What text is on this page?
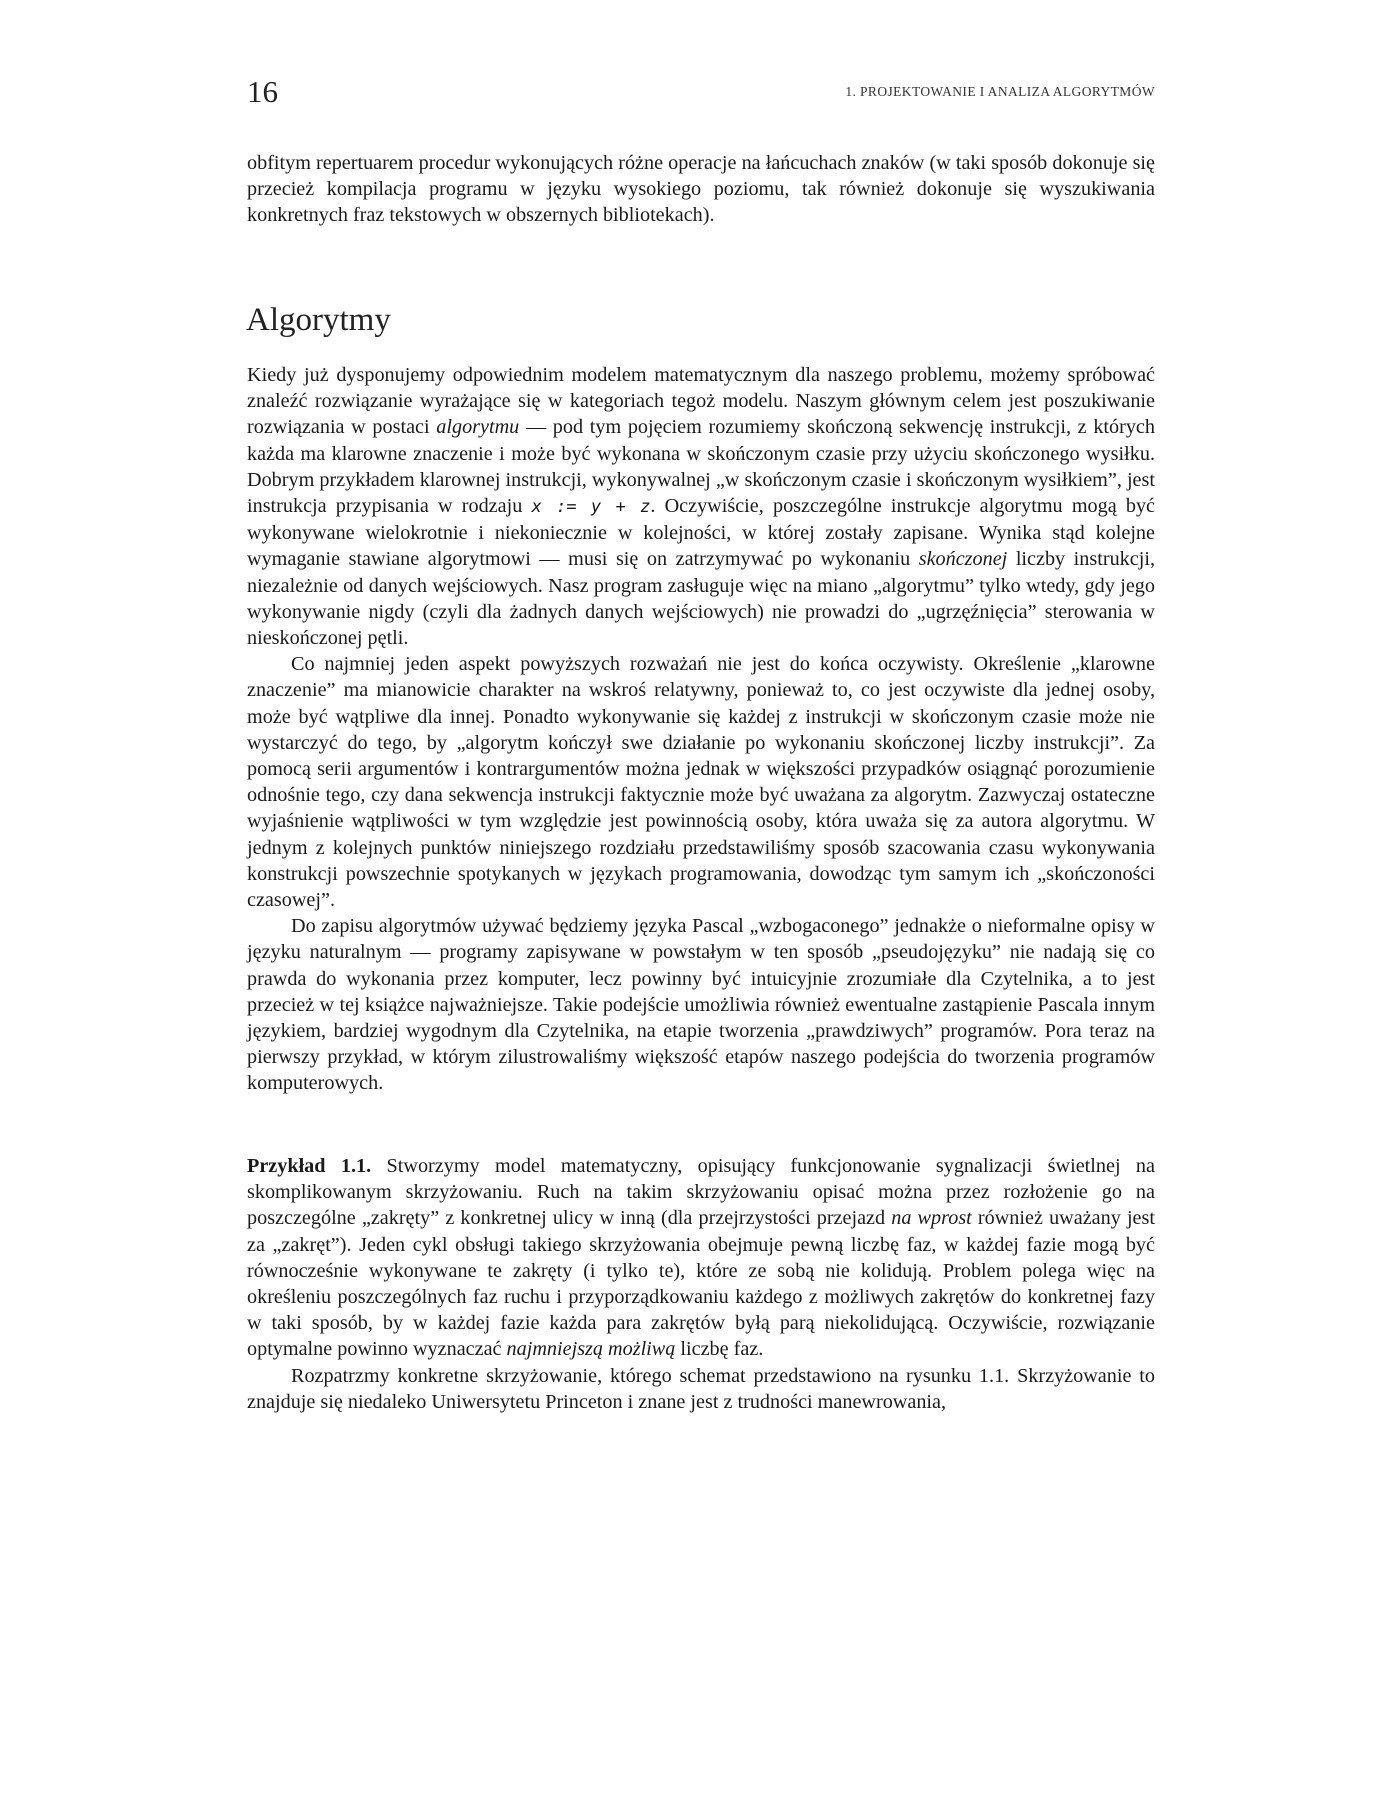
16	1. PROJEKTOWANIE I ANALIZA ALGORYTMÓW

obfitym repertuarem procedur wykonujących różne operacje na łańcuchach znaków (w taki sposób dokonuje się przecież kompilacja programu w języku wysokiego poziomu, tak również dokonuje się wyszukiwania konkretnych fraz tekstowych w obszernych bibliotekach).

Algorytmy

Kiedy już dysponujemy odpowiednim modelem matematycznym dla naszego problemu, możemy spróbować znaleźć rozwiązanie wyrażające się w kategoriach tegoż modelu. Naszym głównym celem jest poszukiwanie rozwiązania w postaci algorytmu — pod tym pojęciem rozumiemy skończoną sekwencję instrukcji, z których każda ma klarowne znaczenie i może być wykonana w skończonym czasie przy użyciu skończonego wysiłku. Dobrym przykładem klarownej instrukcji, wykonywalnej „w skończonym czasie i skończonym wysiłkiem”, jest instrukcja przypisania w rodzaju x := y + z. Oczywiście, poszczególne instrukcje algorytmu mogą być wykonywane wielokrotnie i niekoniecznie w kolejności, w której zostały zapisane. Wynika stąd kolejne wymaganie stawiane algorytmowi — musi się on zatrzymywać po wykonaniu skończonej liczby instrukcji, niezależnie od danych wejściowych. Nasz program zasługuje więc na miano „algorytmu” tylko wtedy, gdy jego wykonywanie nigdy (czyli dla żadnych danych wejściowych) nie prowadzi do „ugrzęźnięcia” sterowania w nieskończonej pętli.

Co najmniej jeden aspekt powyższych rozważań nie jest do końca oczywisty. Określenie „klarowne znaczenie” ma mianowicie charakter na wskroś relatywny, ponieważ to, co jest oczywiste dla jednej osoby, może być wątpliwe dla innej. Ponadto wykonywanie się każdej z instrukcji w skończonym czasie może nie wystarczyć do tego, by „algorytm kończył swe działanie po wykonaniu skończonej liczby instrukcji”. Za pomocą serii argumentów i kontrargumentów można jednak w większości przypadków osiągnąć porozumienie odnośnie tego, czy dana sekwencja instrukcji faktycznie może być uważana za algorytm. Zazwyczaj ostateczne wyjaśnienie wątpliwości w tym względzie jest powinnością osoby, która uważa się za autora algorytmu. W jednym z kolejnych punktów niniejszego rozdziału przedstawiliśmy sposób szacowania czasu wykonywania konstrukcji powszechnie spotykanych w językach programowania, dowodząc tym samym ich „skończoności czasowej”.

Do zapisu algorytmów używać będziemy języka Pascal „wzbogaconego” jednakże o nieformalne opisy w języku naturalnym — programy zapisywane w powstałym w ten sposób „pseudojęzyku” nie nadają się co prawda do wykonania przez komputer, lecz powinny być intuicyjnie zrozumiałe dla Czytelnika, a to jest przecież w tej książce najważniejsze. Takie podejście umożliwia również ewentualne zastąpienie Pascala innym językiem, bardziej wygodnym dla Czytelnika, na etapie tworzenia „prawdziwych” programów. Pora teraz na pierwszy przykład, w którym zilustrowaliśmy większość etapów naszego podejścia do tworzenia programów komputerowych.

Przykład 1.1. Stworzymy model matematyczny, opisujący funkcjonowanie sygnalizacji świetlnej na skomplikowanym skrzyżowaniu. Ruch na takim skrzyżowaniu opisać można przez rozłożenie go na poszczególne „zakręty” z konkretnej ulicy w inną (dla przejrzystości przejazd na wprost również uważany jest za „zakręt”). Jeden cykl obsługi takiego skrzyżowania obejmuje pewną liczbę faz, w każdej fazie mogą być równocześnie wykonywane te zakręty (i tylko te), które ze sobą nie kolidują. Problem polega więc na określeniu poszczególnych faz ruchu i przyporządkowaniu każdego z możliwych zakrętów do konkretnej fazy w taki sposób, by w każdej fazie każda para zakrętów byłą parą niekolidującą. Oczywiście, rozwiązanie optymalne powinno wyznaczać najmniejszą możliwą liczbę faz.

Rozpatrzmy konkretne skrzyżowanie, którego schemat przedstawiono na rysunku 1.1. Skrzyżowanie to znajduje się niedaleko Uniwersytetu Princeton i znane jest z trudności manewrowania,
